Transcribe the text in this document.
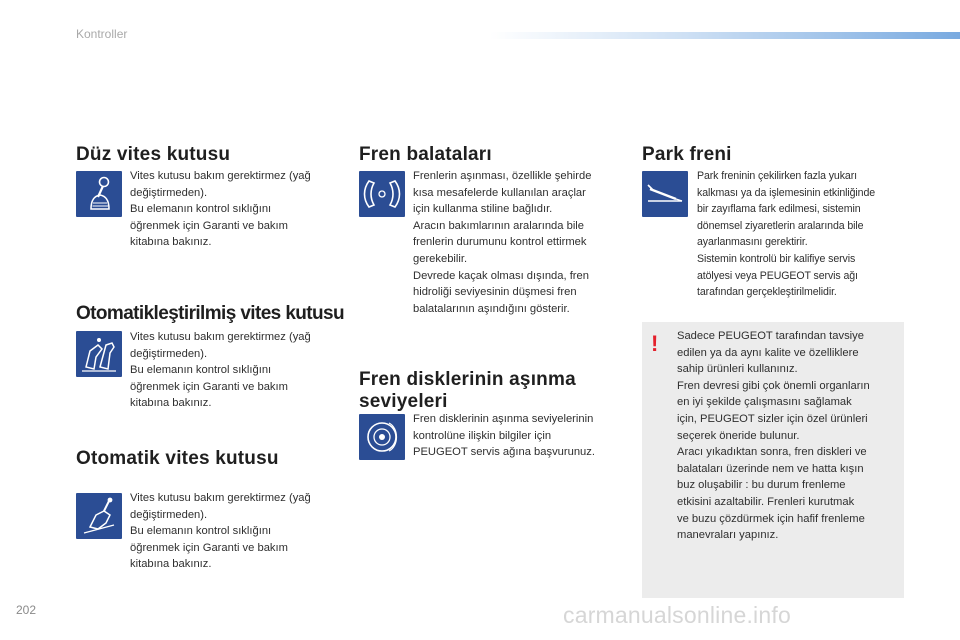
Kontroller
Düz vites kutusu

Vites kutusu bakım gerektirmez (yağ
değiştirmeden).
Bu elemanın kontrol sıklığını
öğrenmek için Garanti ve bakım
kitabına bakınız.

Otomatikleştirilmiş vites kutusu

Vites kutusu bakım gerektirmez (yağ
değiştirmeden).
Bu elemanın kontrol sıklığını
öğrenmek için Garanti ve bakım
kitabına bakınız.

Otomatik vites kutusu

Vites kutusu bakım gerektirmez (yağ
değiştirmeden).
Bu elemanın kontrol sıklığını
öğrenmek için Garanti ve bakım
kitabına bakınız.

Fren balataları

Frenlerin aşınması, özellikle şehirde
kısa mesafelerde kullanılan araçlar
için kullanma stiline bağlıdır.
Aracın bakımlarının aralarında bile
frenlerin durumunu kontrol ettirmek
gerekebilir.
Devrede kaçak olması dışında, fren
hidroliği seviyesinin düşmesi fren
balatalarının aşındığını gösterir.

Fren disklerinin aşınma
seviyeleri

Fren disklerinin aşınma seviyelerinin
kontrolüne ilişkin bilgiler için
PEUGEOT servis ağına başvurunuz.

Park freni

Park freninin çekilirken fazla yukarı
kalkması ya da işlemesinin etkinliğinde
bir zayıflama fark edilmesi, sistemin
dönemsel ziyaretlerin aralarında bile
ayarlanmasını gerektirir.
Sistemin kontrolü bir kalifiye servis
atölyesi veya PEUGEOT servis ağı
tarafından gerçekleştirilmelidir.

! Sadece PEUGEOT tarafından tavsiye
edilen ya da aynı kalite ve özelliklere
sahip ürünleri kullanınız.
Fren devresi gibi çok önemli organların
en iyi şekilde çalışmasını sağlamak
için, PEUGEOT sizler için özel ürünleri
seçerek öneride bulunur.
Aracı yıkadıktan sonra, fren diskleri ve
balataları üzerinde nem ve hatta kışın
buz oluşabilir : bu durum frenleme
etkisini azaltabilir. Frenleri kurutmak
ve buzu çözdürmek için hafif frenleme
manevraları yapınız.

202	carmanualsonline.info
